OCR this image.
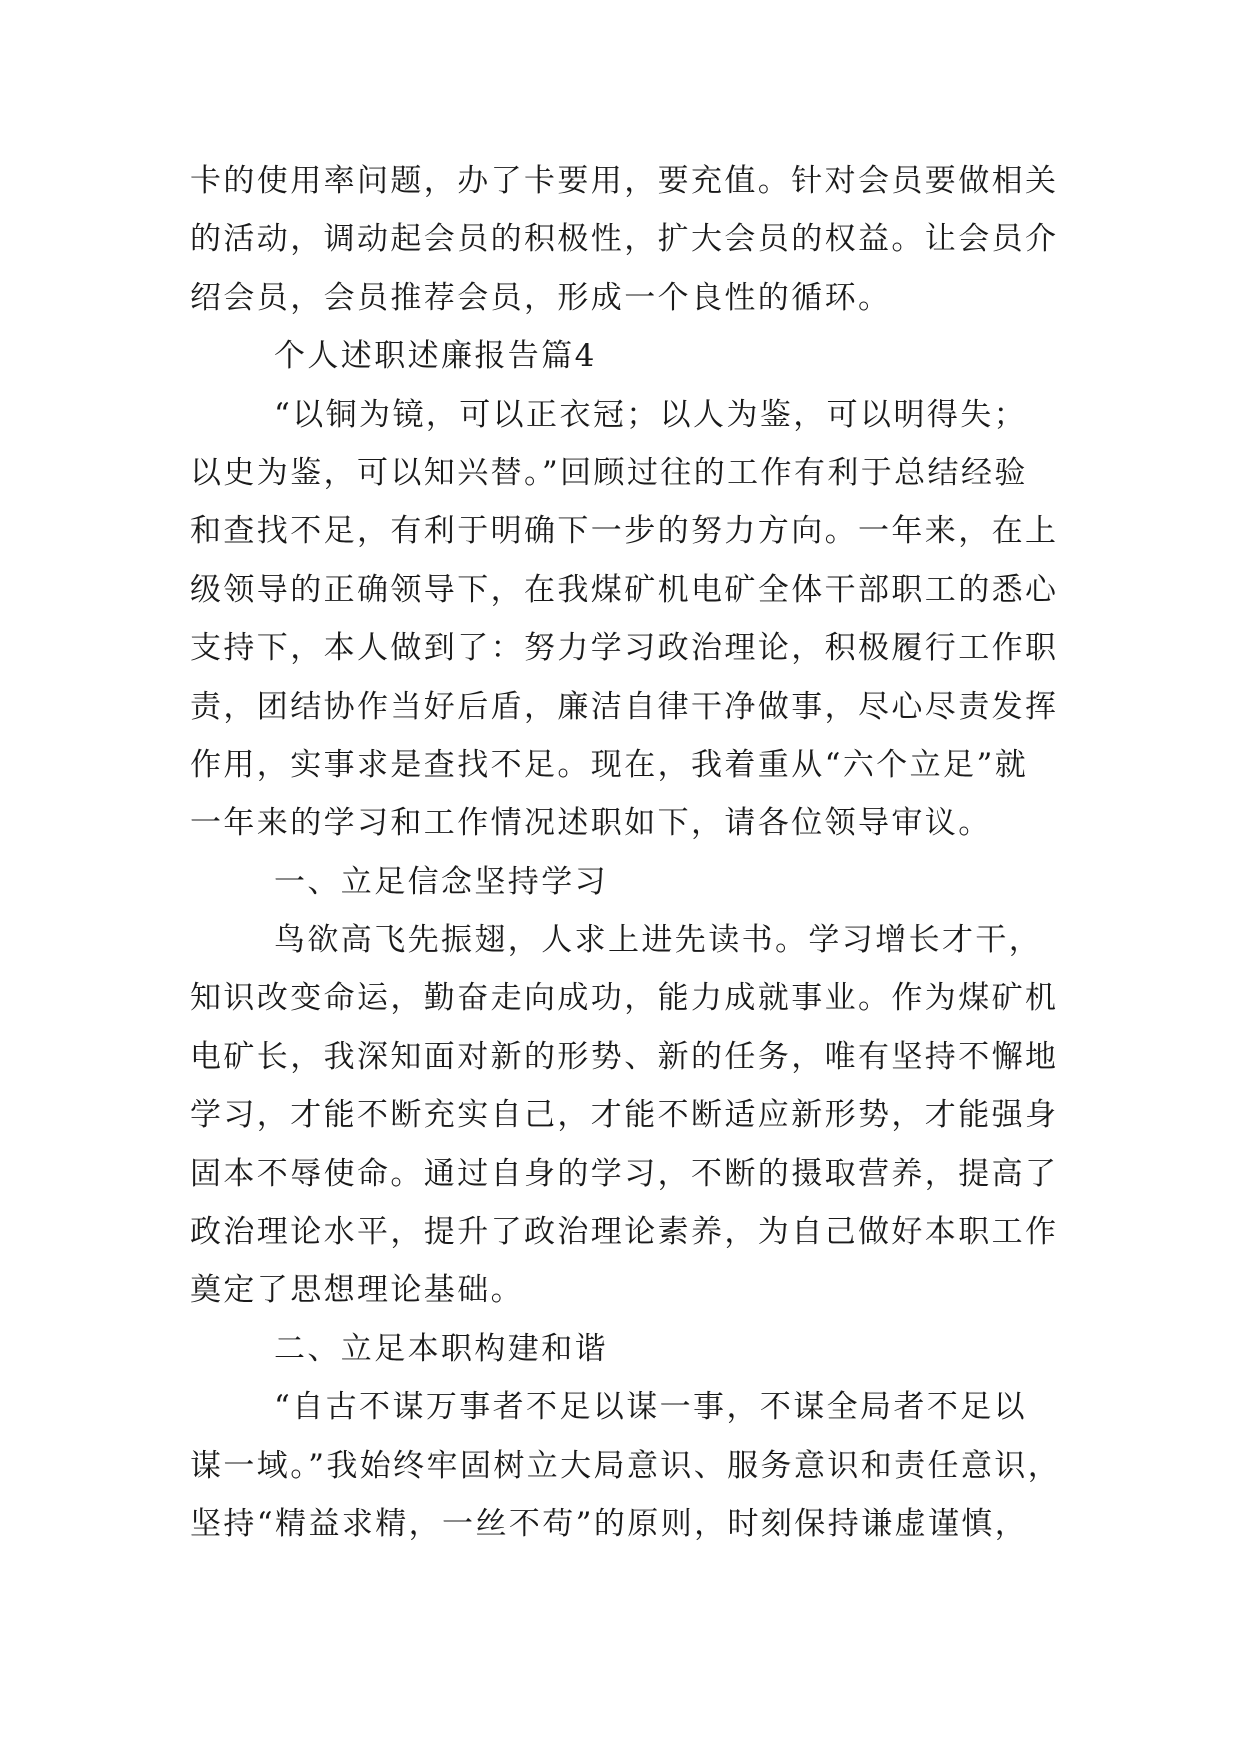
卡的使用率问题，办了卡要用，要充值。针对会员要做相关
的活动，调动起会员的积极性，扩大会员的权益。让会员介
绍会员，会员推荐会员，形成一个良性的循环。
个人述职述廉报告篇4
“以铜为镜，可以正衣冠；以人为鉴，可以明得失；
以史为鉴，可以知兴替。”回顾过往的工作有利于总结经验
和查找不足，有利于明确下一步的努力方向。一年来，在上
级领导的正确领导下，在我煤矿机电矿全体干部职工的悉心
支持下，本人做到了：努力学习政治理论，积极履行工作职
责，团结协作当好后盾，廉洁自律干净做事，尽心尽责发挥
作用，实事求是查找不足。现在，我着重从“六个立足”就
一年来的学习和工作情况述职如下，请各位领导审议。
一、立足信念坚持学习
鸟欲高飞先振翅，人求上进先读书。学习增长才干，
知识改变命运，勤奋走向成功，能力成就事业。作为煤矿机
电矿长，我深知面对新的形势、新的任务，唯有坚持不懈地
学习，才能不断充实自己，才能不断适应新形势，才能强身
固本不辱使命。通过自身的学习，不断的摄取营养，提高了
政治理论水平，提升了政治理论素养，为自己做好本职工作
奠定了思想理论基础。
二、立足本职构建和谐
“自古不谋万事者不足以谋一事，不谋全局者不足以
谋一域。”我始终牢固树立大局意识、服务意识和责任意识，
坚持“精益求精，一丝不苟”的原则，时刻保持谦虚谨慎，
